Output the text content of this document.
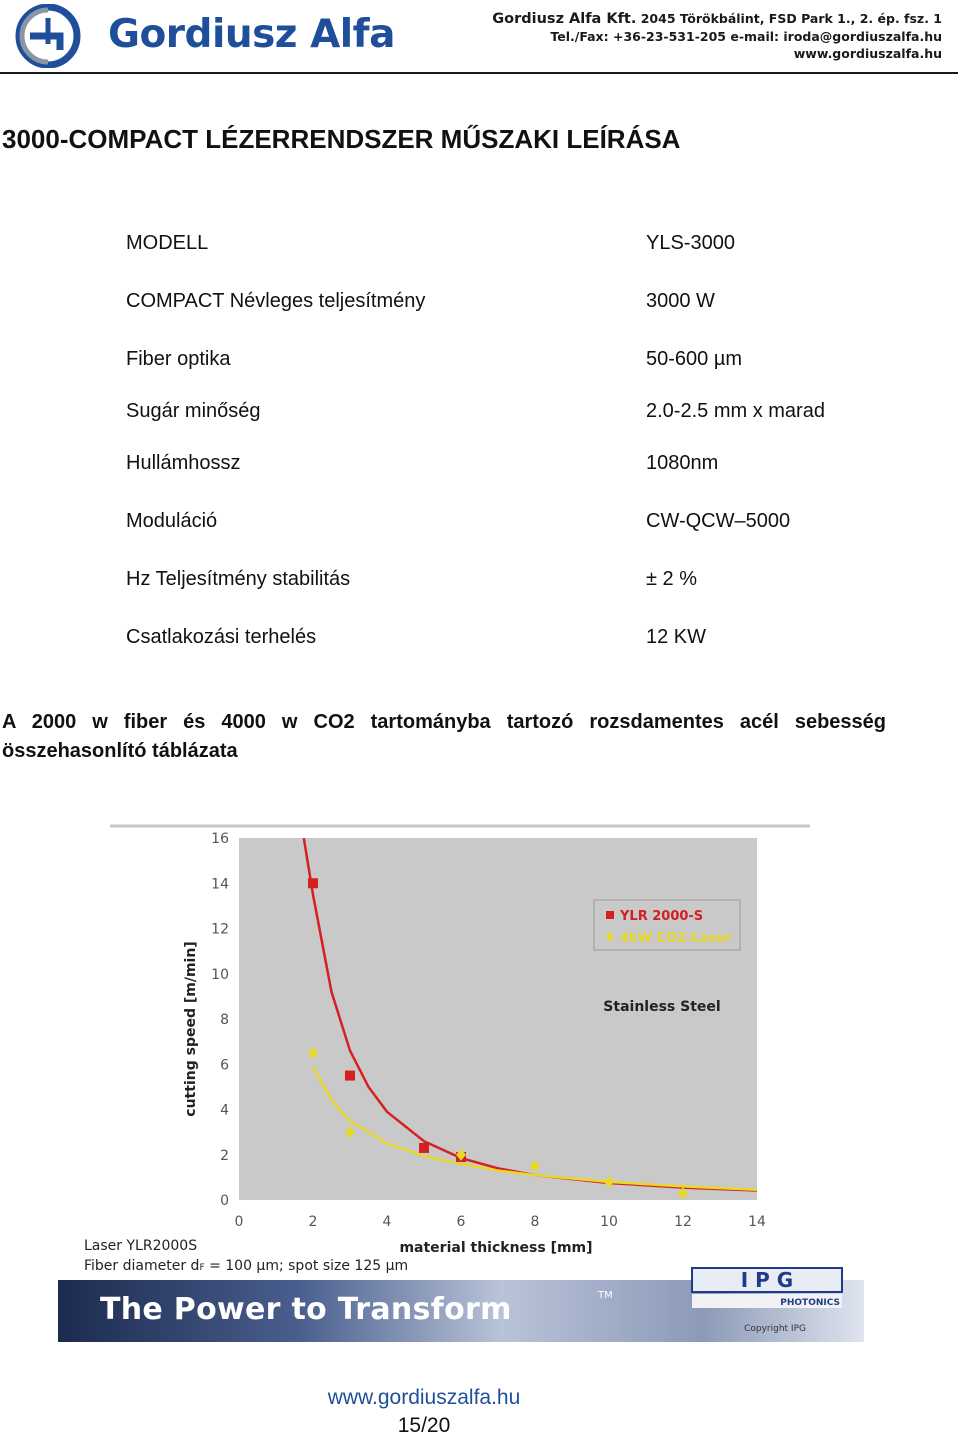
Gordiusz Alfa	Gordiusz Alfa Kft. 2045 Törökbálint, FSD Park 1., 2. ép. fsz. 1
Tel./Fax: +36-23-531-205 e-mail: iroda@gordiuszalfa.hu
www.gordiuszalfa.hu
3000-COMPACT LÉZERRENDSZER MŰSZAKI LEÍRÁSA
MODELL	YLS-3000
COMPACT Névleges teljesítmény	3000 W
Fiber optika	50-600 µm
Sugár minőség	2.0-2.5 mm x marad
Hullámhossz	1080nm
Moduláció	CW-QCW–5000
Hz Teljesítmény stabilitás	± 2 %
Csatlakozási terhelés	12 KW
A 2000 w fiber és 4000 w CO2 tartományba tartozó rozsdamentes acél sebesség összehasonlító táblázata
0
2
4
6
8
10
12
14
16
0	2	4	6	8	10	12	14
cutting speed [m/min]
material thickness [mm]
Stainless Steel
YLR 2000-S
4kW CO2-Laser
Laser YLR2000S
Fiber diameter dF = 100 µm; spot size 125 µm
The Power to Transform	TM
Copyright IPG
I P G
PHOTONICS
www.gordiuszalfa.hu
15/20
